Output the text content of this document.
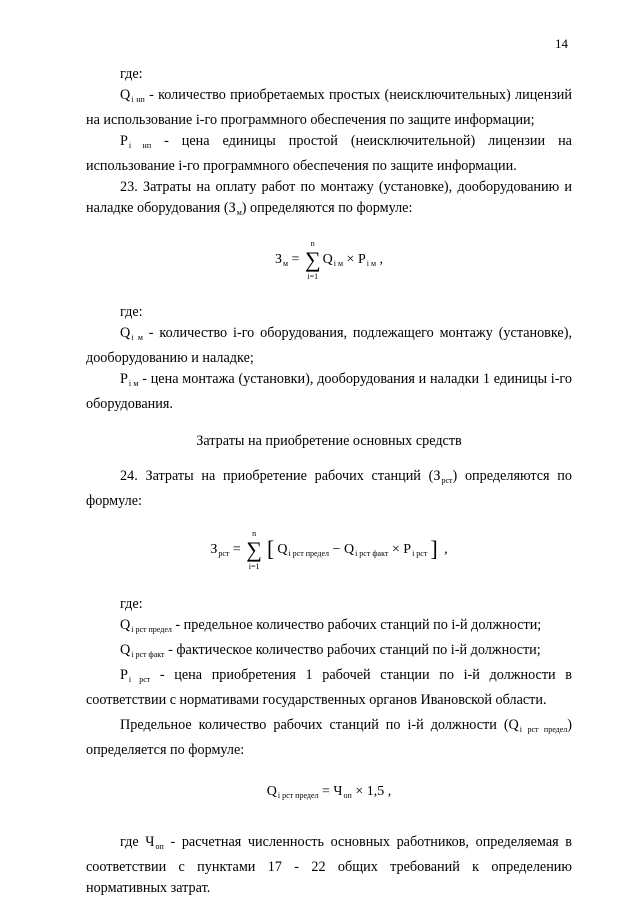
14

где:

$Q_{i нп}$ - количество приобретаемых простых (неисключительных) лицензий на использование i-го программного обеспечения по защите информации;

$P_{i нп}$ - цена единицы простой (неисключительной) лицензии на использование i-го программного обеспечения по защите информации.

23. Затраты на оплату работ по монтажу (установке), дооборудованию и наладке оборудования $(З_м)$ определяются по формуле:

$З_м$ = ∑
n
i=1
$Q_{i м} \times P_{i м}$ ,

где:

$Q_{i м}$ - количество i-го оборудования, подлежащего монтажу (установке), дооборудованию и наладке;

$P_{i м}$ - цена монтажа (установки), дооборудования и наладки 1 единицы i-го оборудования.

Затраты на приобретение основных средств

24. Затраты на приобретение рабочих станций $(З_{рст})$ определяются по формуле:

$З_{рст}$ = ∑
n
i=1
[ $Q_{i рст предел} - Q_{i рст факт} \times P_{i рст}$ ] ,

где:

$Q_{i рст предел}$ - предельное количество рабочих станций по i-й должности;

$Q_{i рст факт}$ - фактическое количество рабочих станций по i-й должности;

$P_{i рст}$ - цена приобретения 1 рабочей станции по i-й должности в соответствии с нормативами государственных органов Ивановской области.

Предельное количество рабочих станций по i-й должности $(Q_{i рст предел})$ определяется по формуле:

$Q_{i рст предел} = Ч_{оп} \times 1,5$ ,

где $Ч_{оп}$ - расчетная численность основных работников, определяемая в соответствии с пунктами 17 - 22 общих требований к определению нормативных затрат.
